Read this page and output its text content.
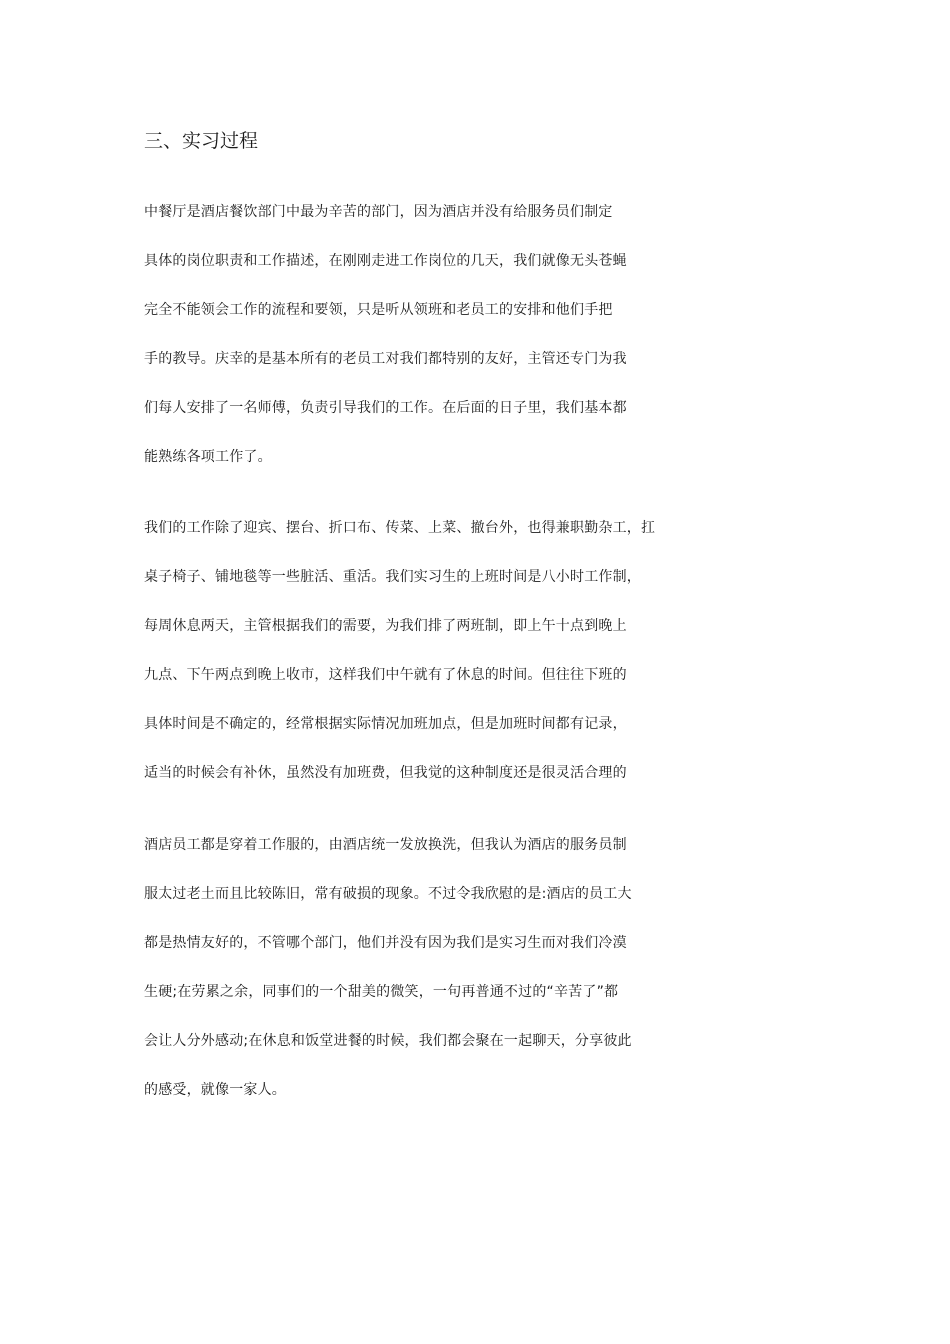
三、实习过程
中餐厅是酒店餐饮部门中最为辛苦的部门，因为酒店并没有给服务员们制定
具体的岗位职责和工作描述，在刚刚走进工作岗位的几天，我们就像无头苍蝇
完全不能领会工作的流程和要领，只是听从领班和老员工的安排和他们手把
手的教导。庆幸的是基本所有的老员工对我们都特别的友好，主管还专门为我
们每人安排了一名师傅，负责引导我们的工作。在后面的日子里，我们基本都
能熟练各项工作了。
我们的工作除了迎宾、摆台、折口布、传菜、上菜、撤台外，也得兼职勤杂工，扛
桌子椅子、铺地毯等一些脏活、重活。我们实习生的上班时间是八小时工作制，
每周休息两天，主管根据我们的需要，为我们排了两班制，即上午十点到晚上
九点、下午两点到晚上收市，这样我们中午就有了休息的时间。但往往下班的
具体时间是不确定的，经常根据实际情况加班加点，但是加班时间都有记录，
适当的时候会有补休，虽然没有加班费，但我觉的这种制度还是很灵活合理的
酒店员工都是穿着工作服的，由酒店统一发放换洗，但我认为酒店的服务员制
服太过老土而且比较陈旧，常有破损的现象。不过令我欣慰的是:酒店的员工大
都是热情友好的，不管哪个部门，他们并没有因为我们是实习生而对我们冷漠
生硬;在劳累之余，同事们的一个甜美的微笑，一句再普通不过的“辛苦了”都
会让人分外感动;在休息和饭堂进餐的时候，我们都会聚在一起聊天，分享彼此
的感受，就像一家人。
